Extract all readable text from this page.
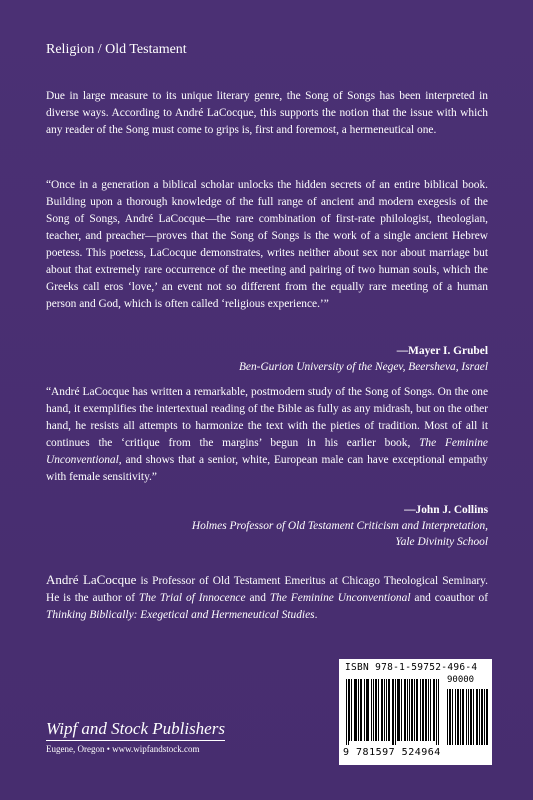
Religion / Old Testament

Due in large measure to its unique literary genre, the Song of Songs has been interpreted in diverse ways. According to André LaCocque, this supports the notion that the issue with which any reader of the Song must come to grips is, first and foremost, a hermeneutical one.

“Once in a generation a biblical scholar unlocks the hidden secrets of an entire biblical book. Building upon a thorough knowledge of the full range of ancient and modern exegesis of the Song of Songs, André LaCocque—the rare combination of first-rate philologist, theologian, teacher, and preacher—proves that the Song of Songs is the work of a single ancient Hebrew poetess. This poetess, LaCocque demonstrates, writes neither about sex nor about marriage but about that extremely rare occurrence of the meeting and pairing of two human souls, which the Greeks call eros ‘love,’ an event not so different from the equally rare meeting of a human person and God, which is often called ‘religious experience.’”

—Mayer I. Grubel
Ben-Gurion University of the Negev, Beersheva, Israel

“André LaCocque has written a remarkable, postmodern study of the Song of Songs. On the one hand, it exemplifies the intertextual reading of the Bible as fully as any midrash, but on the other hand, he resists all attempts to harmonize the text with the pieties of tradition. Most of all it continues the ‘critique from the margins’ begun in his earlier book, The Feminine Unconventional, and shows that a senior, white, European male can have exceptional empathy with female sensitivity.”

—John J. Collins
Holmes Professor of Old Testament Criticism and Interpretation,
Yale Divinity School

André LaCocque is Professor of Old Testament Emeritus at Chicago Theological Seminary. He is the author of The Trial of Innocence and The Feminine Unconventional and coauthor of Thinking Biblically: Exegetical and Hermeneutical Studies.

Wipf and Stock Publishers
Eugene, Oregon • www.wipfandstock.com
ISBN 978-1-59752-496-4
90000
9 781597 524964
